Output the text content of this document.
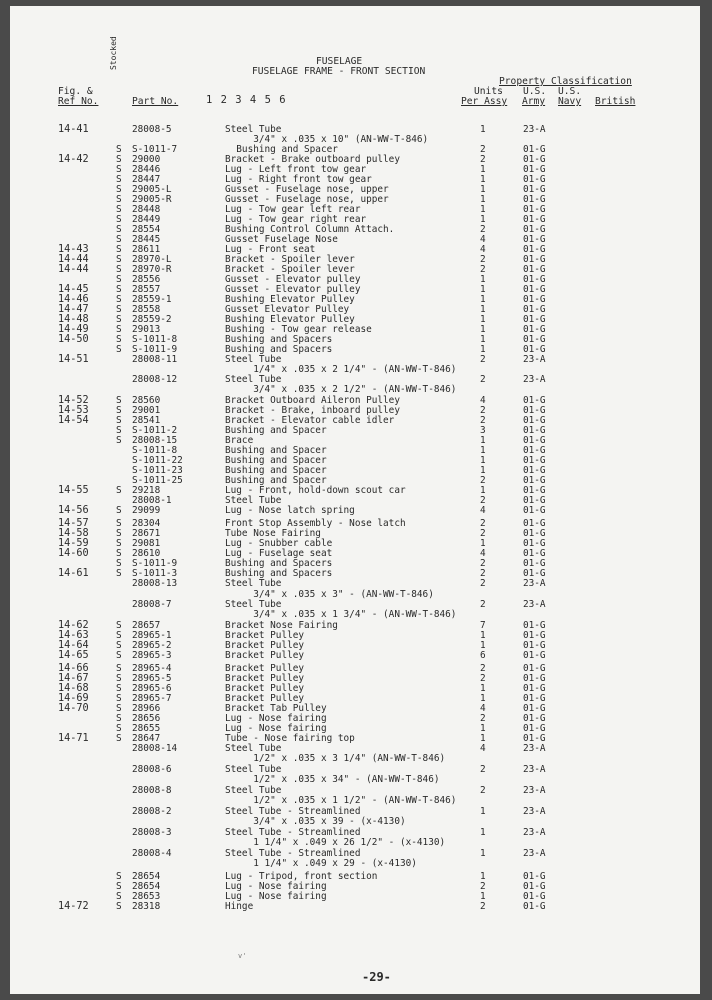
FUSELAGE
FUSELAGE FRAME - FRONT SECTION
Property Classification
Fig. &
Ref No.
Stocked
Part No.	1 2 3 4 5 6
Units
Per Assy
U.S.
Army
U.S.
Navy British
14-41	28008-5	Steel Tube	1	23-A
3/4" x .035 x 10" (AN-WW-T-846)
S S-1011-7	Bushing and Spacer	2	01-G
14-42	S 29000	Bracket - Brake outboard pulley	2	01-G
S 28446	Lug - Left front tow gear	1	01-G
S 28447	Lug - Right front tow gear	1	01-G
S 29005-L	Gusset - Fuselage nose, upper	1	01-G
S 29005-R	Gusset - Fuselage nose, upper	1	01-G
S 28448	Lug - Tow gear left rear	1	01-G
S 28449	Lug - Tow gear right rear	1	01-G
S 28554	Bushing Control Column Attach.	2	01-G
S 28445	Gusset Fuselage Nose	4	01-G
14-43	S 28611	Lug - Front seat	4	01-G
14-44	S 28970-L	Bracket - Spoiler lever	2	01-G
14-44	S 28970-R	Bracket - Spoiler lever	2	01-G
S 28556	Gusset - Elevator pulley	1	01-G
14-45	S 28557	Gusset - Elevator pulley	1	01-G
14-46	S 28559-1	Bushing Elevator Pulley	1	01-G
14-47	S 28558	Gusset Elevator Pulley	1	01-G
14-48	S 28559-2	Bushing Elevator Pulley	1	01-G
14-49	S 29013	Bushing - Tow gear release	1	01-G
14-50	S S-1011-8	Bushing and Spacers	1	01-G
S S-1011-9	Bushing and Spacers	1	01-G
14-51	28008-11	Steel Tube	2	23-A
1/4" x .035 x 2 1/4" - (AN-WW-T-846)
28008-12	Steel Tube	2	23-A
3/4" x .035 x 2 1/2" - (AN-WW-T-846)
14-52	S 28560	Bracket Outboard Aileron Pulley	4	01-G
14-53	S 29001	Bracket - Brake, inboard pulley	2	01-G
14-54	S 28541	Bracket - Elevator cable idler	2	01-G
S S-1011-2	Bushing and Spacer	3	01-G
S 28008-15	Brace	1	01-G
S-1011-8	Bushing and Spacer	1	01-G
S-1011-22	Bushing and Spacer	1	01-G
S-1011-23	Bushing and Spacer	1	01-G
S-1011-25	Bushing and Spacer	2	01-G
14-55	S 29218	Lug - Front, hold-down scout car	1	01-G
28008-1	Steel Tube	2	01-G
14-56	S 29099	Lug - Nose latch spring	4	01-G
14-57	S 28304	Front Stop Assembly - Nose latch	2	01-G
14-58	S 28671	Tube Nose Fairing	2	01-G
14-59	S 29081	Lug - Snubber cable	1	01-G
14-60	S 28610	Lug - Fuselage seat	4	01-G
S S-1011-9	Bushing and Spacers	2	01-G
14-61	S S-1011-3	Bushing and Spacers	2	01-G
28008-13	Steel Tube	2	23-A
3/4" x .035 x 3" - (AN-WW-T-846)
28008-7	Steel Tube	2	23-A
3/4" x .035 x 1 3/4" - (AN-WW-T-846)
14-62	S 28657	Bracket Nose Fairing	7	01-G
14-63	S 28965-1	Bracket Pulley	1	01-G
14-64	S 28965-2	Bracket Pulley	1	01-G
14-65	S 28965-3	Bracket Pulley	6	01-G
14-66	S 28965-4	Bracket Pulley	2	01-G
14-67	S 28965-5	Bracket Pulley	2	01-G
14-68	S 28965-6	Bracket Pulley	1	01-G
14-69	S 28965-7	Bracket Pulley	1	01-G
14-70	S 28966	Bracket Tab Pulley	4	01-G
S 28656	Lug - Nose fairing	2	01-G
S 28655	Lug - Nose fairing	1	01-G
14-71	S 28647	Tube - Nose fairing top	1	01-G
28008-14	Steel Tube	4	23-A
1/2" x .035 x 3 1/4" (AN-WW-T-846)
28008-6	Steel Tube	2	23-A
1/2" x .035 x 34" - (AN-WW-T-846)
28008-8	Steel Tube	2	23-A
1/2" x .035 x 1 1/2" - (AN-WW-T-846)
28008-2	Steel Tube - Streamlined	1	23-A
3/4" x .035 x 39 - (x-4130)
28008-3	Steel Tube - Streamlined	1	23-A
1 1/4" x .049 x 26 1/2" - (x-4130)
28008-4	Steel Tube - Streamlined	1	23-A
1 1/4" x .049 x 29 - (x-4130)
S 28654	Lug - Tripod, front section	1	01-G
S 28654	Lug - Nose fairing	2	01-G
S 28653	Lug - Nose fairing	1	01-G
14-72	S 28318	Hinge	2	01-G
v'
-29-
